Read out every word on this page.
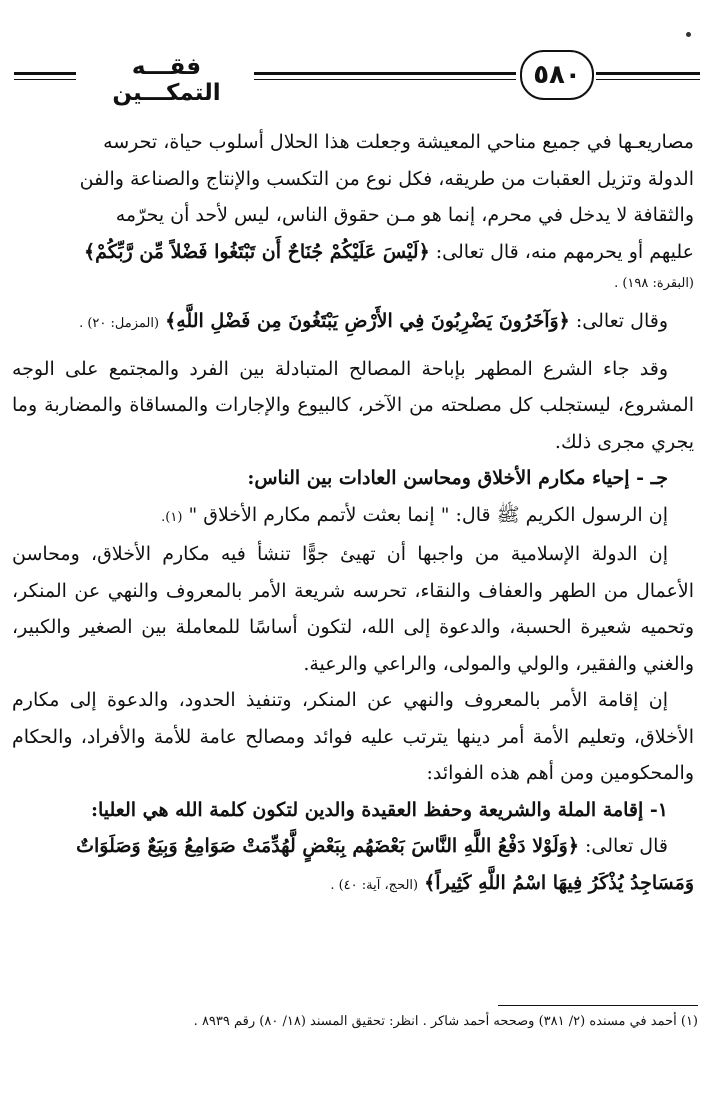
فقـــه التمكـــين
٥٨٠

مصاريعـها في جميع مناحي المعيشة وجعلت هذا الحلال أسلوب حياة، تحرسه

الدولة وتزيل العقبات من طريقه، فكل نوع من التكسب والإنتاج والصناعة والفن

والثقافة لا يدخل في محرم، إنما هو مـن حقوق الناس، ليس لأحد أن يحرّمه

عليهم أو يحرمهم منه، قال تعالى: ﴿لَيْسَ عَلَيْكُمْ جُنَاحٌ أَن تَبْتَغُوا فَضْلاً مِّن رَّبِّكُمْ﴾

(البقرة: ١٩٨) .

وقال تعالى: ﴿وَآخَرُونَ يَضْرِبُونَ فِي الأَرْضِ يَبْتَغُونَ مِن فَضْلِ اللَّهِ﴾ (المزمل: ٢٠) .

وقد جاء الشرع المطهر بإباحة المصالح المتبادلة بين الفرد والمجتمع على الوجه المشروع، ليستجلب كل مصلحته من الآخر، كالبيوع والإجارات والمساقاة والمضاربة وما يجري مجرى ذلك.

جـ - إحياء مكارم الأخلاق ومحاسن العادات بين الناس:

إن الرسول الكريم ﷺ قال: " إنما بعثت لأتمم مكارم الأخلاق " (١).

إن الدولة الإسلامية من واجبها أن تهيئ جوًّا تنشأ فيه مكارم الأخلاق، ومحاسن الأعمال من الطهر والعفاف والنقاء، تحرسه شريعة الأمر بالمعروف والنهي عن المنكر، وتحميه شعيرة الحسبة، والدعوة إلى الله، لتكون أساسًا للمعاملة بين الصغير والكبير، والغني والفقير، والولي والمولى، والراعي والرعية.

إن إقامة الأمر بالمعروف والنهي عن المنكر، وتنفيذ الحدود، والدعوة إلى مكارم الأخلاق، وتعليم الأمة أمر دينها يترتب عليه فوائد ومصالح عامة للأمة والأفراد، والحكام والمحكومين ومن أهم هذه الفوائد:

١- إقامة الملة والشريعة وحفظ العقيدة والدين لتكون كلمة الله هي العليا:

قال تعالى: ﴿وَلَوْلا دَفْعُ اللَّهِ النَّاسَ بَعْضَهُم بِبَعْضٍ لَّهُدِّمَتْ صَوَامِعُ وَبِيَعٌ وَصَلَوَاتٌ

وَمَسَاجِدُ يُذْكَرُ فِيهَا اسْمُ اللَّهِ كَثِيراً﴾ (الحج، آية: ٤٠) .

(١) أحمد في مسنده (٢/ ٣٨١) وصححه أحمد شاكر . انظر: تحقيق المسند (١٨/ ٨٠) رقم ٨٩٣٩ .
